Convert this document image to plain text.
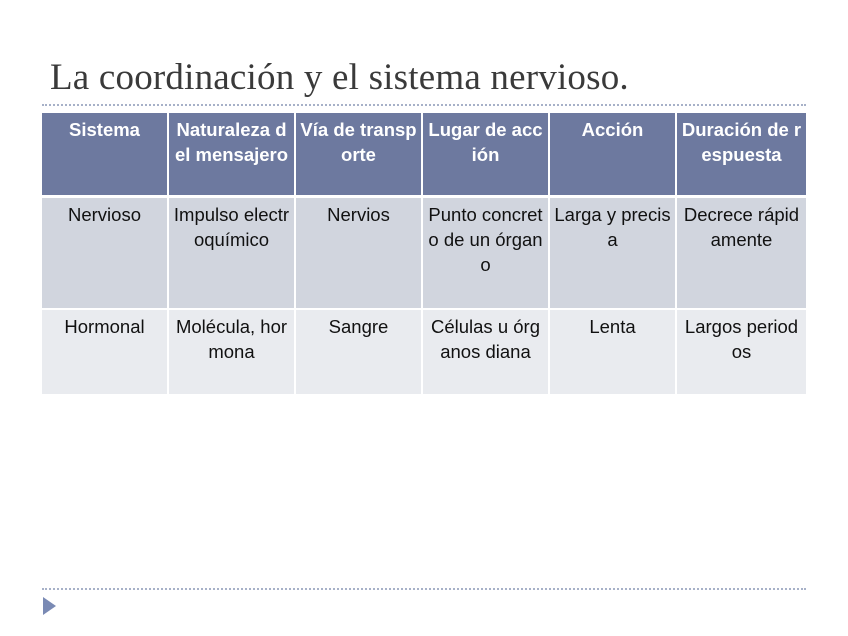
La coordinación y el sistema nervioso.
Sistema	Naturaleza del mensajero	Vía de transporte	Lugar de acción	Acción	Duración de respuesta
Nervioso	Impulso electroquímico	Nervios	Punto concreto de un órgano	Larga y precisa	Decrece rápidamente
Hormonal	Molécula, hormona	Sangre	Células u órganos diana	Lenta	Largos periodos
